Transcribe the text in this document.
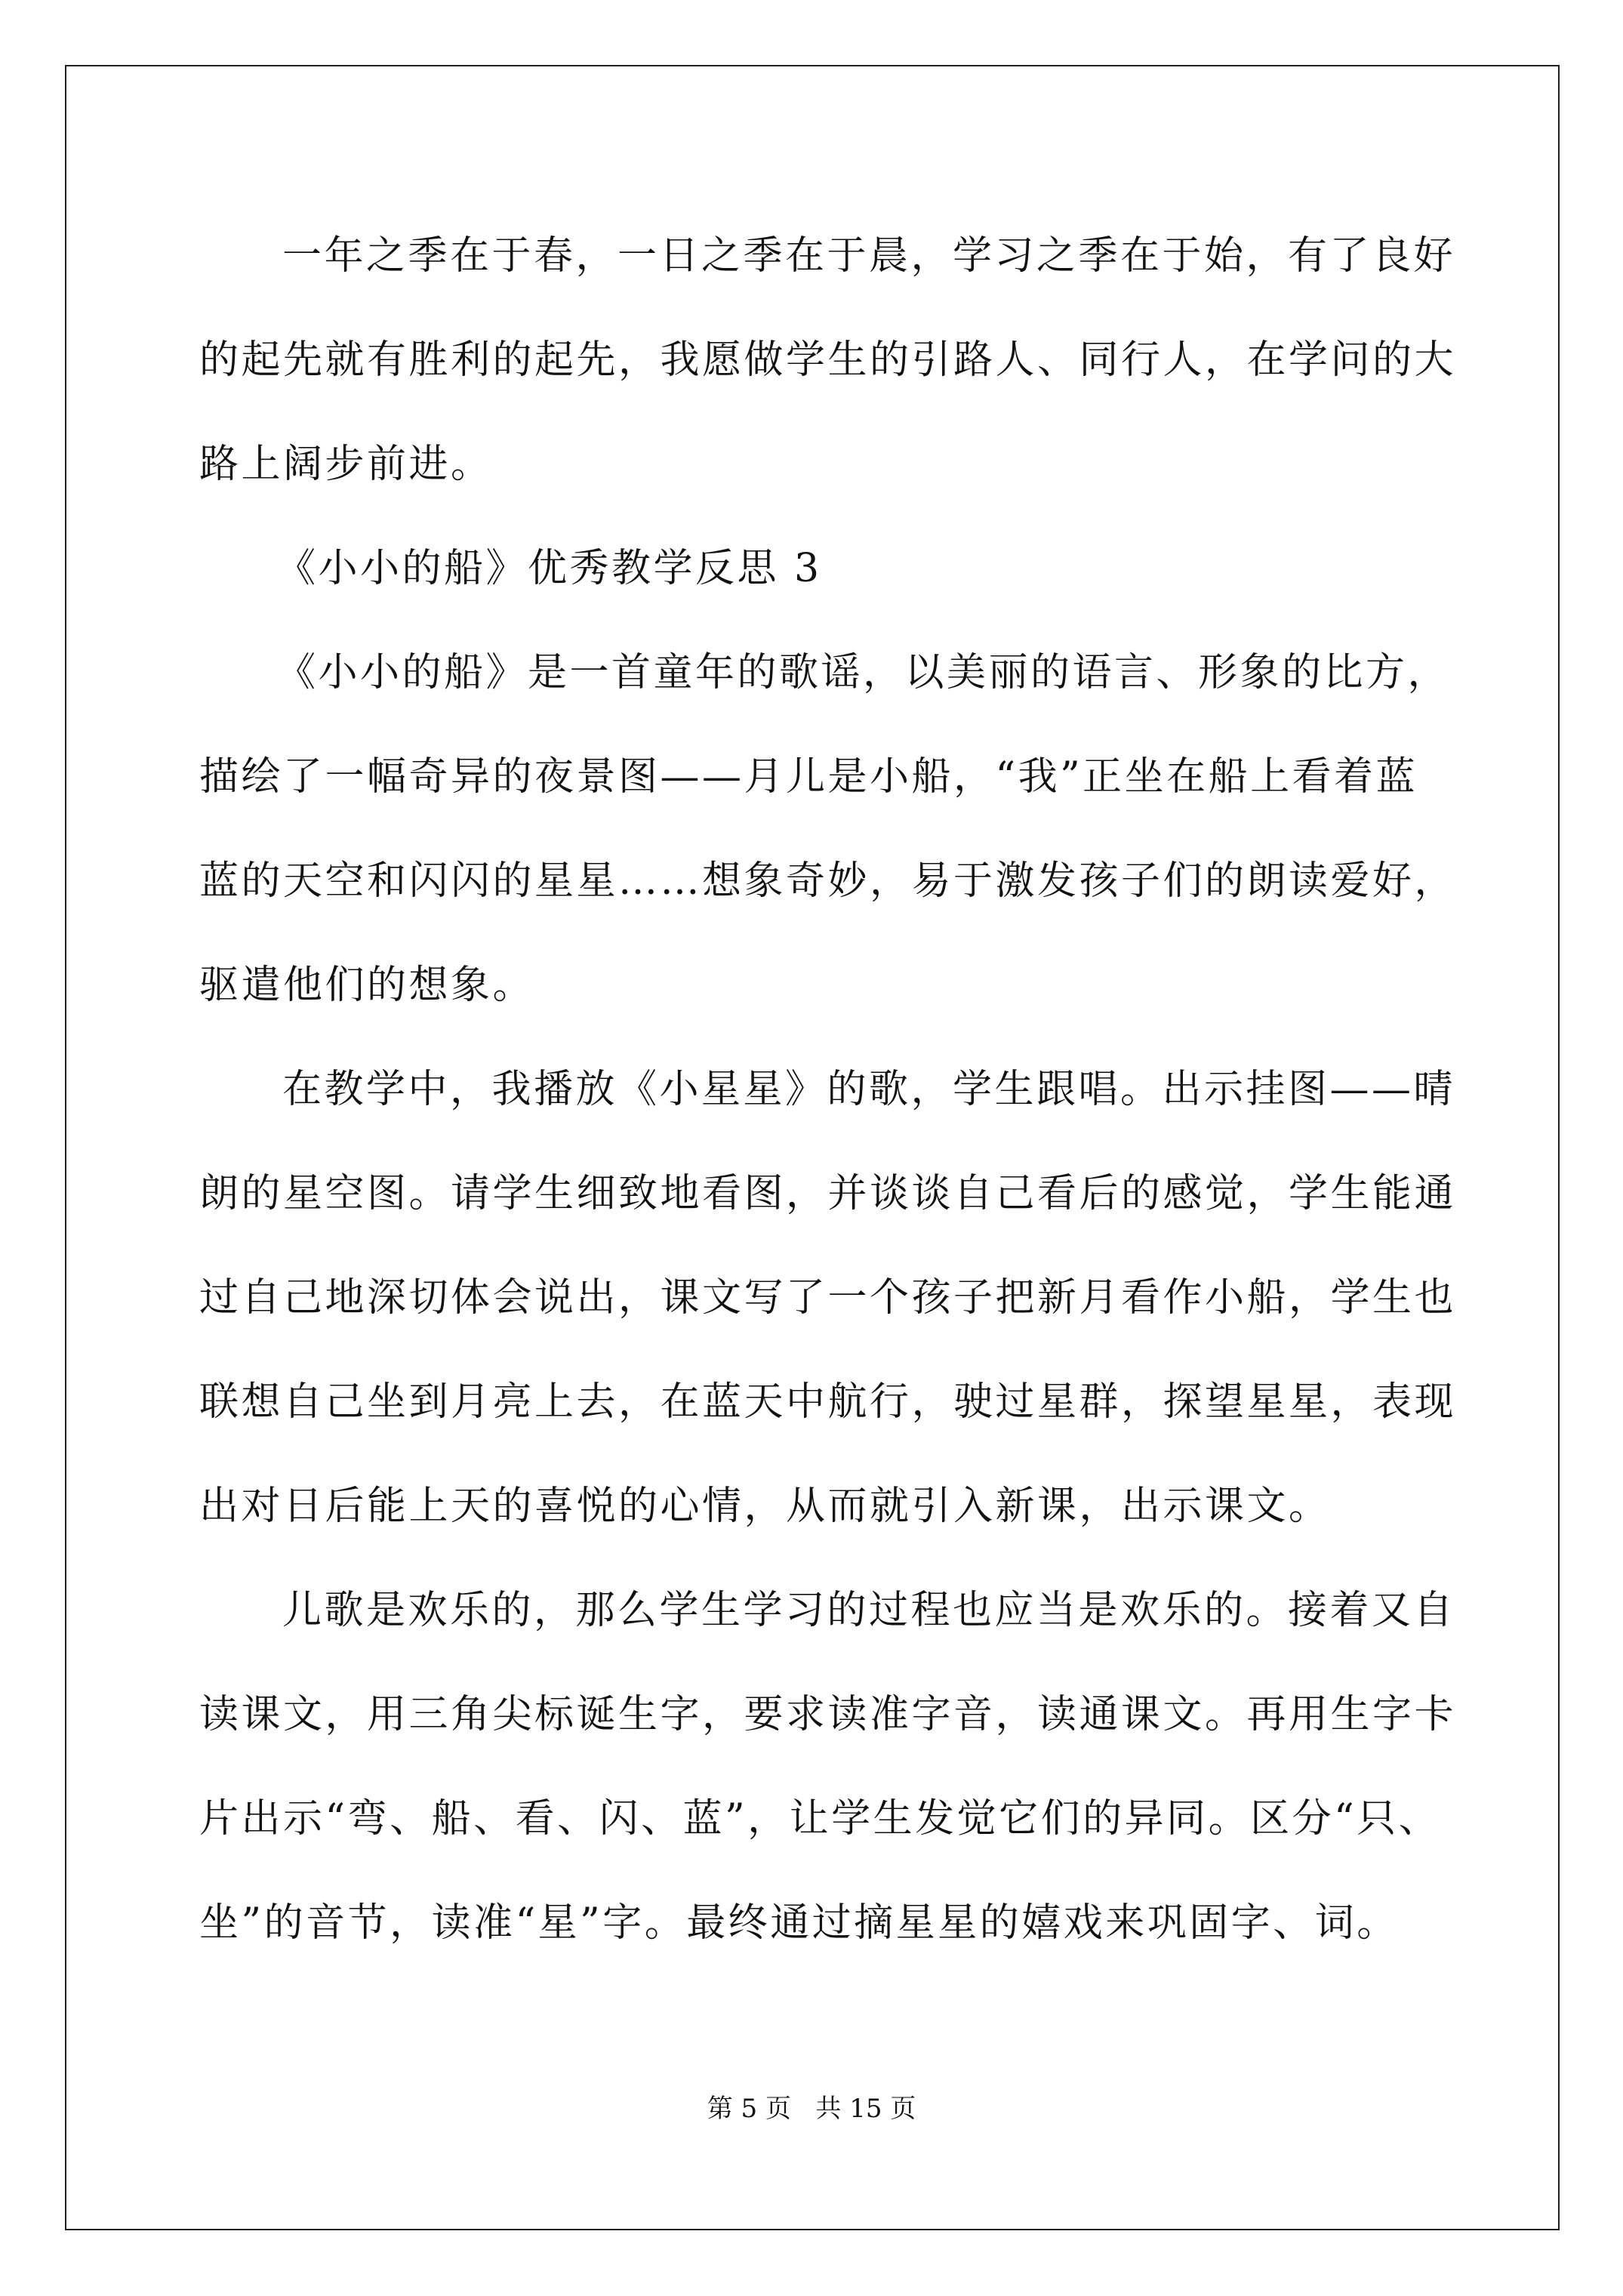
一年之季在于春，一日之季在于晨，学习之季在于始，有了良好
的起先就有胜利的起先，我愿做学生的引路人、同行人，在学问的大
路上阔步前进。
《小小的船》优秀教学反思 3
《小小的船》是一首童年的歌谣，以美丽的语言、形象的比方，
描绘了一幅奇异的夜景图——月儿是小船，“我”正坐在船上看着蓝
蓝的天空和闪闪的星星……想象奇妙，易于激发孩子们的朗读爱好，
驱遣他们的想象。
在教学中，我播放《小星星》的歌，学生跟唱。出示挂图——晴
朗的星空图。请学生细致地看图，并谈谈自己看后的感觉，学生能通
过自己地深切体会说出，课文写了一个孩子把新月看作小船，学生也
联想自己坐到月亮上去，在蓝天中航行，驶过星群，探望星星，表现
出对日后能上天的喜悦的心情，从而就引入新课，出示课文。
儿歌是欢乐的，那么学生学习的过程也应当是欢乐的。接着又自
读课文，用三角尖标诞生字，要求读准字音，读通课文。再用生字卡
片出示“弯、船、看、闪、蓝”，让学生发觉它们的异同。区分“只、
坐”的音节，读准“星”字。最终通过摘星星的嬉戏来巩固字、词。
第 5 页   共 15 页
